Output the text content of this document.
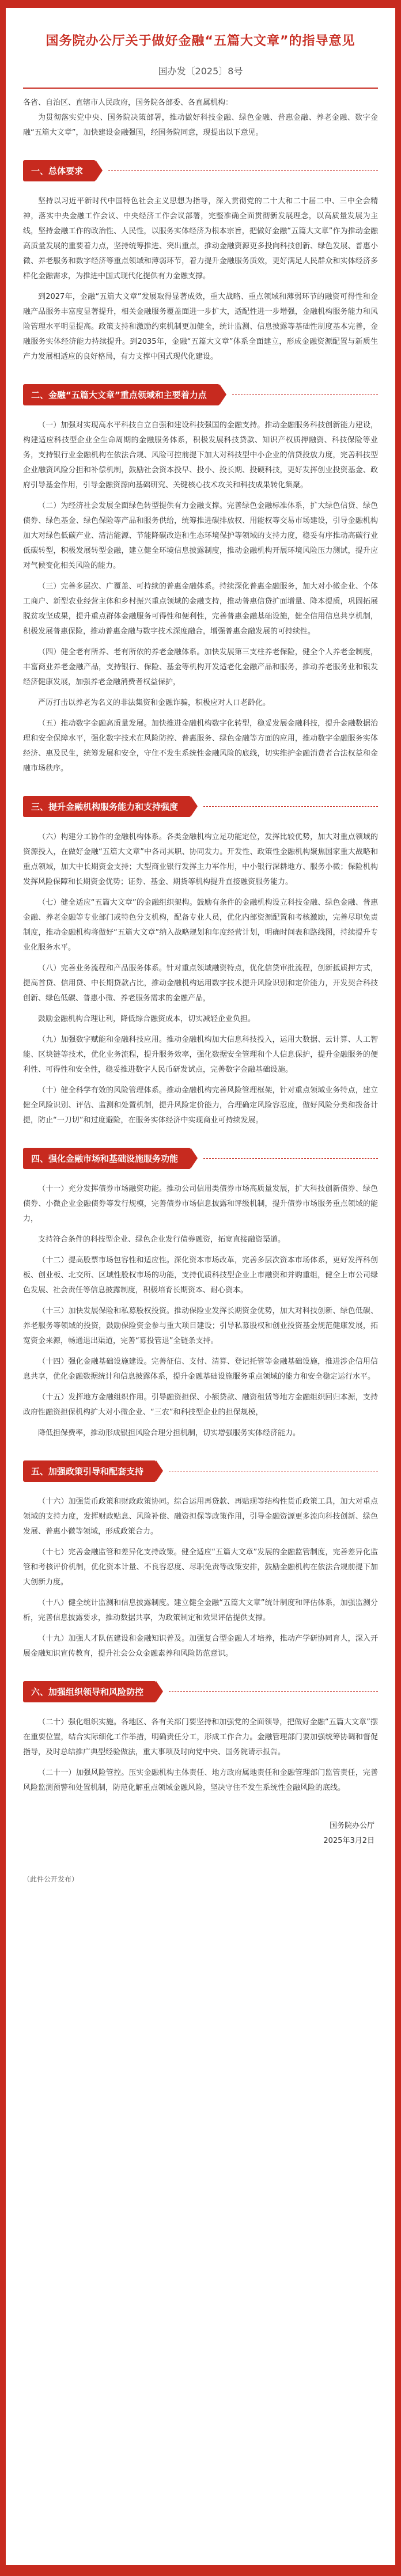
国务院办公厅关于做好金融“五篇大文章”的指导意见
国办发〔2025〕8号
各省、自治区、直辖市人民政府，国务院各部委、各直属机构：

为贯彻落实党中央、国务院决策部署，推动做好科技金融、绿色金融、普惠金融、养老金融、数字金融“五篇大文章”，加快建设金融强国，经国务院同意，现提出以下意见。

一、总体要求

坚持以习近平新时代中国特色社会主义思想为指导，深入贯彻党的二十大和二十届二中、三中全会精神，落实中央金融工作会议、中央经济工作会议部署，完整准确全面贯彻新发展理念，以高质量发展为主线，坚持金融工作的政治性、人民性，以服务实体经济为根本宗旨，把做好金融“五篇大文章”作为推动金融高质量发展的重要着力点，坚持统筹推进、突出重点，推动金融资源更多投向科技创新、绿色发展、普惠小微、养老服务和数字经济等重点领域和薄弱环节，着力提升金融服务质效，更好满足人民群众和实体经济多样化金融需求，为推进中国式现代化提供有力金融支撑。

到2027年，金融“五篇大文章”发展取得显著成效，重大战略、重点领域和薄弱环节的融资可得性和金融产品服务丰富度显著提升，相关金融服务覆盖面进一步扩大，适配性进一步增强，金融机构服务能力和风险管理水平明显提高。政策支持和激励约束机制更加健全，统计监测、信息披露等基础性制度基本完善，金融服务实体经济能力持续提升。到2035年，金融“五篇大文章”体系全面建立，形成金融资源配置与新质生产力发展相适应的良好格局，有力支撑中国式现代化建设。

二、金融“五篇大文章”重点领域和主要着力点

（一）加强对实现高水平科技自立自强和建设科技强国的金融支持。推动金融服务科技创新能力建设，构建适应科技型企业全生命周期的金融服务体系，积极发展科技贷款、知识产权质押融资、科技保险等业务，支持银行业金融机构在依法合规、风险可控前提下加大对科技型中小企业的信贷投放力度，完善科技型企业融资风险分担和补偿机制，鼓励社会资本投早、投小、投长期、投硬科技，更好发挥创业投资基金、政府引导基金作用，引导金融资源向基础研究、关键核心技术攻关和科技成果转化集聚。

（二）为经济社会发展全面绿色转型提供有力金融支撑。完善绿色金融标准体系，扩大绿色信贷、绿色债券、绿色基金、绿色保险等产品和服务供给，统筹推进碳排放权、用能权等交易市场建设，引导金融机构加大对绿色低碳产业、清洁能源、节能降碳改造和生态环境保护等领域的支持力度，稳妥有序推动高碳行业低碳转型，积极发展转型金融，建立健全环境信息披露制度，推动金融机构开展环境风险压力测试，提升应对气候变化相关风险的能力。

（三）完善多层次、广覆盖、可持续的普惠金融体系。持续深化普惠金融服务，加大对小微企业、个体工商户、新型农业经营主体和乡村振兴重点领域的金融支持，推动普惠信贷扩面增量、降本提质，巩固拓展脱贫攻坚成果，提升重点群体金融服务可得性和便利性，完善普惠金融基础设施，健全信用信息共享机制，积极发展普惠保险，推动普惠金融与数字技术深度融合，增强普惠金融发展的可持续性。

（四）健全老有所养、老有所依的养老金融体系。加快发展第三支柱养老保险，健全个人养老金制度，丰富商业养老金融产品，支持银行、保险、基金等机构开发适老化金融产品和服务，推动养老服务业和银发经济健康发展，加强养老金融消费者权益保护，

严厉打击以养老为名义的非法集资和金融诈骗，积极应对人口老龄化。

（五）推动数字金融高质量发展。加快推进金融机构数字化转型，稳妥发展金融科技，提升金融数据治理和安全保障水平，强化数字技术在风险防控、普惠服务、绿色金融等方面的应用，推动数字金融服务实体经济、惠及民生，统筹发展和安全，守住不发生系统性金融风险的底线，切实维护金融消费者合法权益和金融市场秩序。

三、提升金融机构服务能力和支持强度

（六）构建分工协作的金融机构体系。各类金融机构立足功能定位，发挥比较优势，加大对重点领域的资源投入，在做好金融“五篇大文章”中各司其职、协同发力。开发性、政策性金融机构聚焦国家重大战略和重点领域，加大中长期资金支持；大型商业银行发挥主力军作用，中小银行深耕地方、服务小微；保险机构发挥风险保障和长期资金优势；证券、基金、期货等机构提升直接融资服务能力。

（七）健全适应“五篇大文章”的金融组织架构。鼓励有条件的金融机构设立科技金融、绿色金融、普惠金融、养老金融等专业部门或特色分支机构，配备专业人员，优化内部资源配置和考核激励，完善尽职免责制度，推动金融机构将做好“五篇大文章”纳入战略规划和年度经营计划，明确时间表和路线图，持续提升专业化服务水平。

（八）完善业务流程和产品服务体系。针对重点领域融资特点，优化信贷审批流程，创新抵质押方式，提高首贷、信用贷、中长期贷款占比，推动金融机构运用数字技术提升风险识别和定价能力，开发契合科技创新、绿色低碳、普惠小微、养老服务需求的金融产品，

鼓励金融机构合理让利，降低综合融资成本，切实减轻企业负担。

（九）加强数字赋能和金融科技应用。推动金融机构加大信息科技投入，运用大数据、云计算、人工智能、区块链等技术，优化业务流程，提升服务效率，强化数据安全管理和个人信息保护，提升金融服务的便利性、可得性和安全性，稳妥推进数字人民币研发试点，完善数字金融基础设施。

（十）健全科学有效的风险管理体系。推动金融机构完善风险管理框架，针对重点领域业务特点，建立健全风险识别、评估、监测和处置机制，提升风险定价能力，合理确定风险容忍度，做好风险分类和拨备计提，防止“一刀切”和过度避险，在服务实体经济中实现商业可持续发展。

四、强化金融市场和基础设施服务功能

（十一）充分发挥债券市场融资功能。推动公司信用类债券市场高质量发展，扩大科技创新债券、绿色债券、小微企业金融债券等发行规模，完善债券市场信息披露和评级机制，提升债券市场服务重点领域的能力，

支持符合条件的科技型企业、绿色企业发行债券融资，拓宽直接融资渠道。

（十二）提高股票市场包容性和适应性。深化资本市场改革，完善多层次资本市场体系，更好发挥科创板、创业板、北交所、区域性股权市场的功能，支持优质科技型企业上市融资和并购重组，健全上市公司绿色发展、社会责任等信息披露制度，积极培育长期资本、耐心资本。

（十三）加快发展保险和私募股权投资。推动保险业发挥长期资金优势，加大对科技创新、绿色低碳、养老服务等领域的投资，鼓励保险资金参与重大项目建设；引导私募股权和创业投资基金规范健康发展，拓宽资金来源，畅通退出渠道，完善“募投管退”全链条支持。

（十四）强化金融基础设施建设。完善征信、支付、清算、登记托管等金融基础设施，推进涉企信用信息共享，优化金融数据统计和信息披露体系，提升金融基础设施服务重点领域的能力和安全稳定运行水平。

（十五）发挥地方金融组织作用。引导融资担保、小额贷款、融资租赁等地方金融组织回归本源，支持政府性融资担保机构扩大对小微企业、“三农”和科技型企业的担保规模，

降低担保费率，推动形成银担风险合理分担机制，切实增强服务实体经济能力。

五、加强政策引导和配套支持

（十六）加强货币政策和财政政策协同。综合运用再贷款、再贴现等结构性货币政策工具，加大对重点领域的支持力度，发挥财政贴息、风险补偿、融资担保等政策作用，引导金融资源更多流向科技创新、绿色发展、普惠小微等领域，形成政策合力。

（十七）完善金融监管和差异化支持政策。健全适应“五篇大文章”发展的金融监管制度，完善差异化监管和考核评价机制，优化资本计量、不良容忍度、尽职免责等政策安排，鼓励金融机构在依法合规前提下加大创新力度。

（十八）健全统计监测和信息披露制度。建立健全金融“五篇大文章”统计制度和评估体系，加强监测分析，完善信息披露要求，推动数据共享，为政策制定和效果评估提供支撑。

（十九）加强人才队伍建设和金融知识普及。加强复合型金融人才培养，推动产学研协同育人，深入开展金融知识宣传教育，提升社会公众金融素养和风险防范意识。

六、加强组织领导和风险防控

（二十）强化组织实施。各地区、各有关部门要坚持和加强党的全面领导，把做好金融“五篇大文章”摆在重要位置，结合实际细化工作举措，明确责任分工，形成工作合力。金融管理部门要加强统筹协调和督促指导，及时总结推广典型经验做法，重大事项及时向党中央、国务院请示报告。

（二十一）加强风险管控。压实金融机构主体责任、地方政府属地责任和金融管理部门监管责任，完善风险监测预警和处置机制，防范化解重点领域金融风险，坚决守住不发生系统性金融风险的底线。

国务院办公厅
2025年3月2日
（此件公开发布）
